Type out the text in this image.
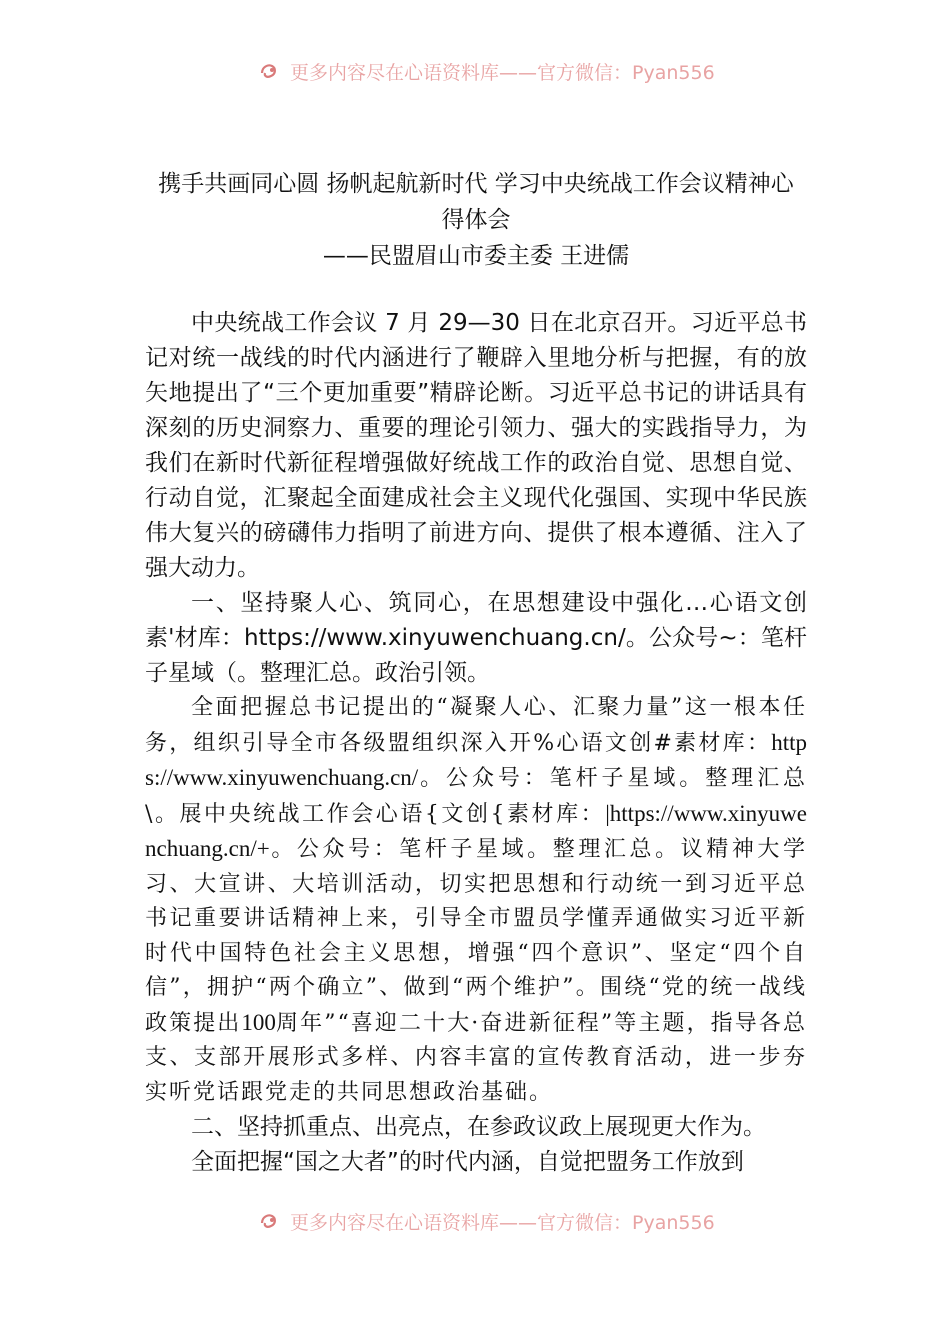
更多内容尽在心语资料库——官方微信：Pyan556
携手共画同心圆 扬帆起航新时代 学习中央统战工作会议精神心
得体会
——民盟眉山市委主委 王进儒

中央统战工作会议 7 月 29—30 日在北京召开。习近平总书记对统一战线的时代内涵进行了鞭辟入里地分析与把握，有的放矢地提出了“三个更加重要”精辟论断。习近平总书记的讲话具有深刻的历史洞察力、重要的理论引领力、强大的实践指导力，为我们在新时代新征程增强做好统战工作的政治自觉、思想自觉、行动自觉，汇聚起全面建成社会主义现代化强国、实现中华民族伟大复兴的磅礴伟力指明了前进方向、提供了根本遵循、注入了强大动力。

一、坚持聚人心、筑同心，在思想建设中强化…心语文创素'材库：https://www.xinyuwenchuang.cn/。公众号~：笔杆子星域（。整理汇总。政治引领。

全面把握总书记提出的“凝聚人心、汇聚力量”这一根本任务，组织引导全市各级盟组织深入开%心语文创#素材库：https://www.xinyuwenchuang.cn/。公众号：笔杆子星域。整理汇总\。展中央统战工作会心语{文创{素材库：|https://www.xinyuwenchuang.cn/+。公众号：笔杆子星域。整理汇总。议精神大学习、大宣讲、大培训活动，切实把思想和行动统一到习近平总书记重要讲话精神上来，引导全市盟员学懂弄通做实习近平新时代中国特色社会主义思想，增强“四个意识”、坚定“四个自信”，拥护“两个确立”、做到“两个维护”。围绕“党的统一战线政策提出100周年”“喜迎二十大·奋进新征程”等主题，指导各总支、支部开展形式多样、内容丰富的宣传教育活动，进一步夯实听党话跟党走的共同思想政治基础。

二、坚持抓重点、出亮点，在参政议政上展现更大作为。

全面把握“国之大者”的时代内涵，自觉把盟务工作放到

更多内容尽在心语资料库——官方微信：Pyan556
